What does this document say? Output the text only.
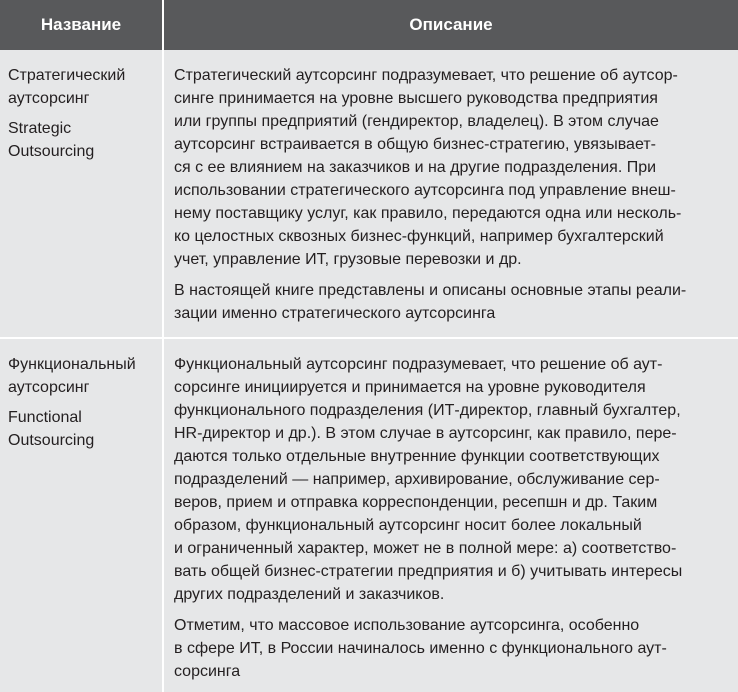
Название	Описание

Стратегический
аутсорсинг

Strategic
Outsourcing

Стратегический аутсорсинг подразумевает, что решение об аутсор-
синге принимается на уровне высшего руководства предприятия
или группы предприятий (гендиректор, владелец). В этом случае
аутсорсинг встраивается в общую бизнес-стратегию, увязывает-
ся с ее влиянием на заказчиков и на другие подразделения. При
использовании стратегического аутсорсинга под управление внеш-
нему поставщику услуг, как правило, передаются одна или несколь-
ко целостных сквозных бизнес-функций, например бухгалтерский
учет, управление ИТ, грузовые перевозки и др.

В настоящей книге представлены и описаны основные этапы реали-
зации именно стратегического аутсорсинга

Функциональный
аутсорсинг

Functional
Outsourcing

Функциональный аутсорсинг подразумевает, что решение об аут-
сорсинге инициируется и принимается на уровне руководителя
функционального подразделения (ИТ-директор, главный бухгалтер,
HR-директор и др.). В этом случае в аутсорсинг, как правило, пере-
даются только отдельные внутренние функции соответствующих
подразделений — например, архивирование, обслуживание сер-
веров, прием и отправка корреспонденции, ресепшн и др. Таким
образом, функциональный аутсорсинг носит более локальный
и ограниченный характер, может не в полной мере: а) соответство-
вать общей бизнес-стратегии предприятия и б) учитывать интересы
других подразделений и заказчиков.

Отметим, что массовое использование аутсорсинга, особенно
в сфере ИТ, в России начиналось именно с функционального аут-
сорсинга
